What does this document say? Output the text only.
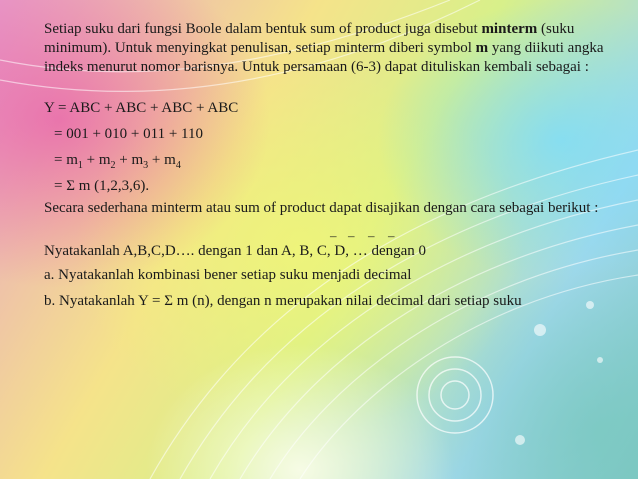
Setiap suku dari fungsi Boole dalam bentuk sum of product juga disebut minterm (suku minimum). Untuk menyingkat penulisan, setiap minterm diberi symbol m yang diikuti angka indeks menurut nomor barisnya. Untuk persamaan (6-3) dapat dituliskan kembali sebagai :

Y = ABC + ABC + ABC + ABC
= 001 + 010 + 011 + 110
= $m_1 + m_2 + m_3 + m_4$
= Σ m (1,2,3,6).

Secara sederhana minterm atau sum of product dapat disajikan dengan cara sebagai berikut :

– – – –
Nyatakanlah A,B,C,D…. dengan 1 dan A, B, C, D, … dengan 0
a. Nyatakanlah kombinasi bener setiap suku menjadi decimal
b. Nyatakanlah Y = Σ m (n), dengan n merupakan nilai decimal dari setiap suku
